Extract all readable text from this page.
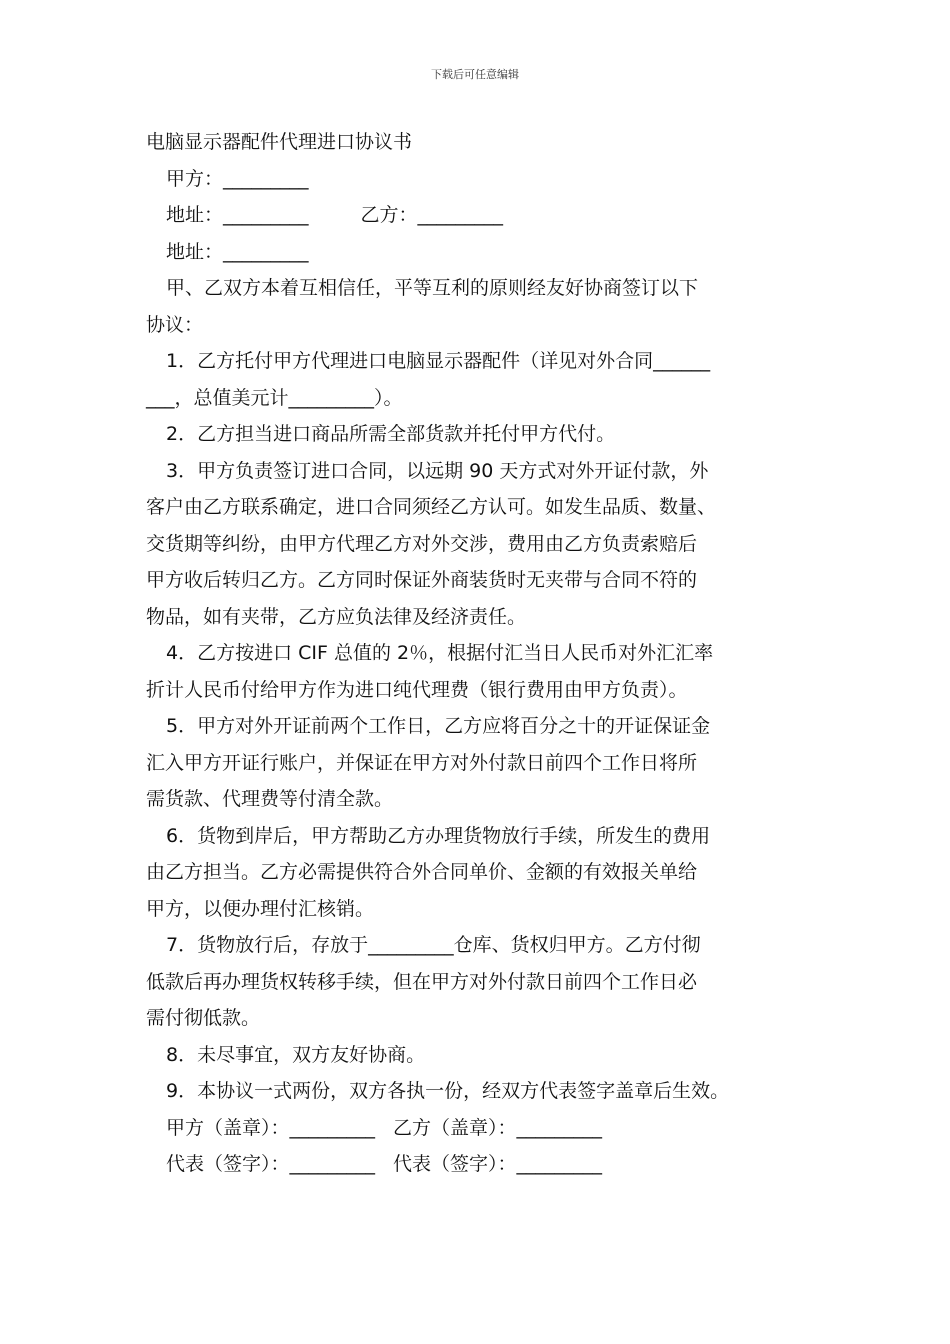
下载后可任意编辑

电脑显示器配件代理进口协议书

甲方：_________

地址：_________	乙方：_________

地址：_________

甲、乙双方本着互相信任，平等互利的原则经友好协商签订以下

协议：

1．乙方托付甲方代理进口电脑显示器配件（详见对外合同______

___，总值美元计_________）。

2．乙方担当进口商品所需全部货款并托付甲方代付。

3．甲方负责签订进口合同，以远期 90 天方式对外开证付款，外

客户由乙方联系确定，进口合同须经乙方认可。如发生品质、数量、

交货期等纠纷，由甲方代理乙方对外交涉，费用由乙方负责索赔后

甲方收后转归乙方。乙方同时保证外商装货时无夹带与合同不符的

物品，如有夹带，乙方应负法律及经济责任。

4．乙方按进口 CIF 总值的 2％，根据付汇当日人民币对外汇汇率

折计人民币付给甲方作为进口纯代理费（银行费用由甲方负责）。

5．甲方对外开证前两个工作日，乙方应将百分之十的开证保证金

汇入甲方开证行账户，并保证在甲方对外付款日前四个工作日将所

需货款、代理费等付清全款。

6．货物到岸后，甲方帮助乙方办理货物放行手续，所发生的费用

由乙方担当。乙方必需提供符合外合同单价、金额的有效报关单给

甲方，以便办理付汇核销。

7．货物放行后，存放于_________仓库、货权归甲方。乙方付彻

低款后再办理货权转移手续，但在甲方对外付款日前四个工作日必

需付彻低款。

8．未尽事宜，双方友好协商。

9．本协议一式两份，双方各执一份，经双方代表签字盖章后生效。

甲方（盖章）：_________ 乙方（盖章）：_________

代表（签字）：_________ 代表（签字）：_________
